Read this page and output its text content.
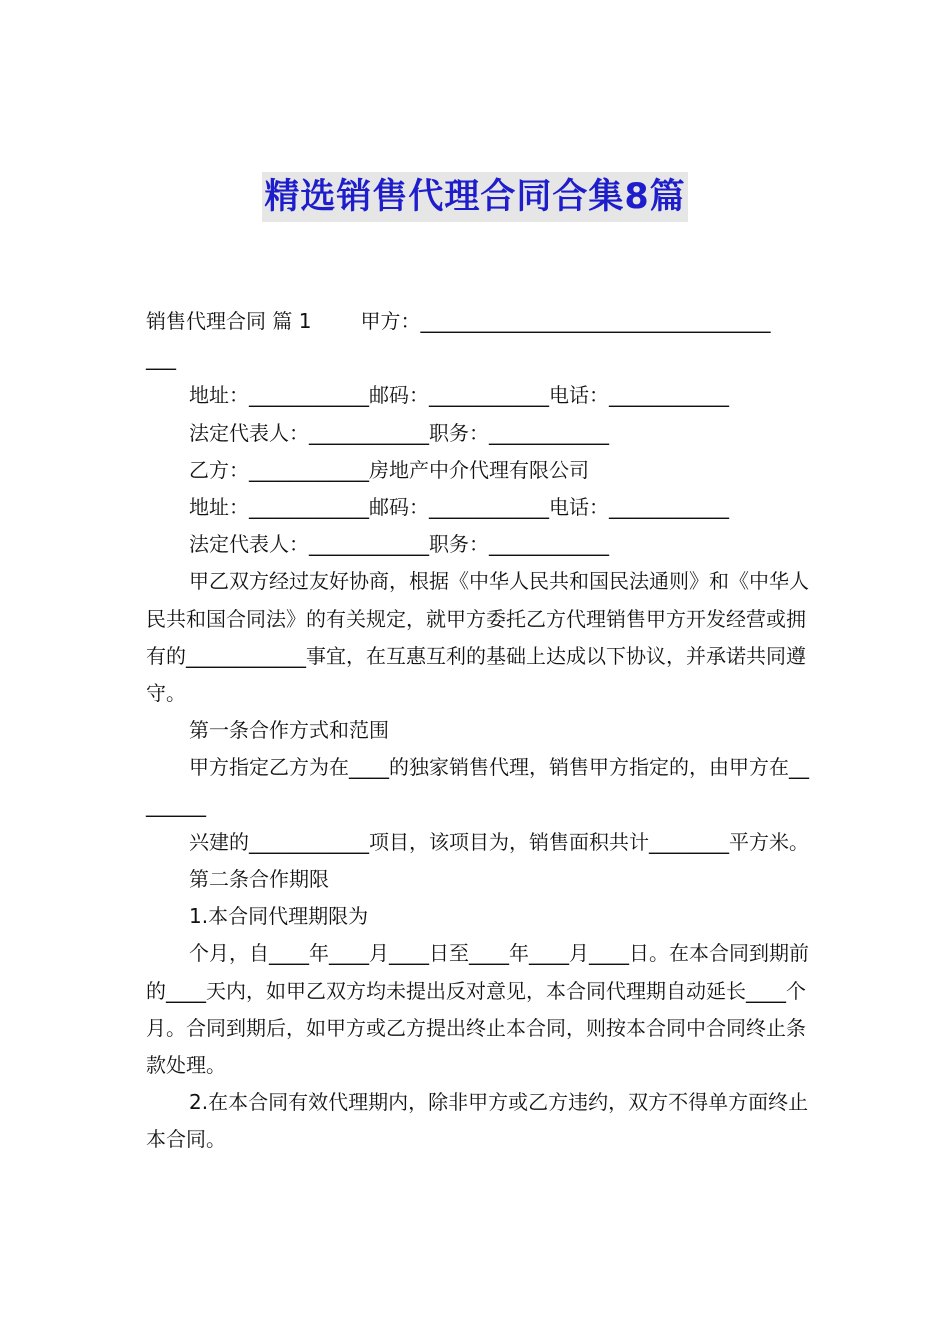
精选销售代理合同合集8篇
销售代理合同 篇 1 甲方：___________________________________

___

地址：____________邮码：____________电话：____________

法定代表人：____________职务：____________

乙方：____________房地产中介代理有限公司

地址：____________邮码：____________电话：____________

法定代表人：____________职务：____________

甲乙双方经过友好协商，根据《中华人民共和国民法通则》和《中华人民共和国合同法》的有关规定，就甲方委托乙方代理销售甲方开发经营或拥有的____________事宜，在互惠互利的基础上达成以下协议，并承诺共同遵守。

第一条合作方式和范围

甲方指定乙方为在____的独家销售代理，销售甲方指定的，由甲方在________

兴建的____________项目，该项目为，销售面积共计________平方米。

第二条合作期限

1.本合同代理期限为

个月，自____年____月____日至____年____月____日。在本合同到期前的____天内，如甲乙双方均未提出反对意见，本合同代理期自动延长____个月。合同到期后，如甲方或乙方提出终止本合同，则按本合同中合同终止条款处理。

2.在本合同有效代理期内，除非甲方或乙方违约，双方不得单方面终止本合同。
